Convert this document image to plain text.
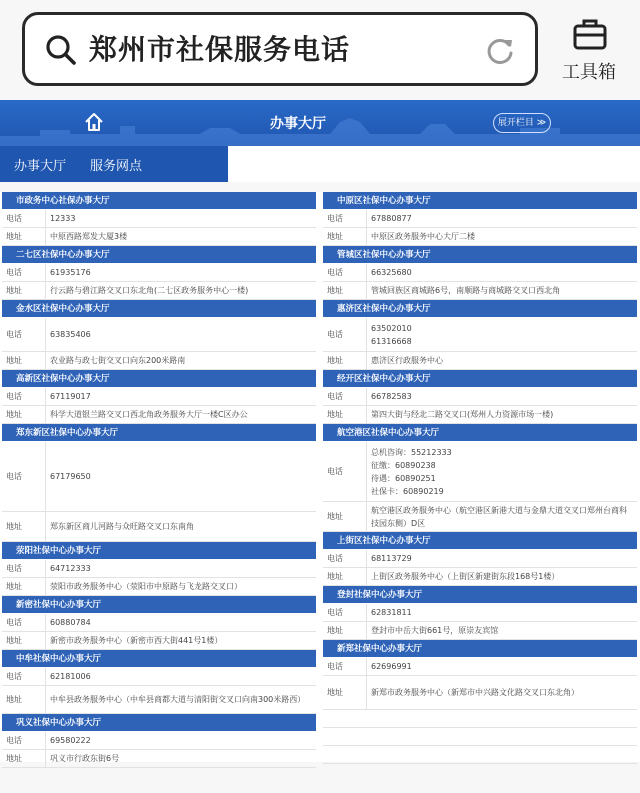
郑州市社保服务电话
工具箱
办事大厅	展开栏目 ≫
办事大厅 服务网点
市政务中心社保办事大厅
电话	12333
地址	中原西路郑发大厦3楼
二七区社保中心办事大厅
电话	61935176
地址	行云路与碧江路交叉口东北角(二七区政务服务中心一楼)
金水区社保中心办事大厅
电话	63835406
地址	农业路与政七街交叉口向东200米路南
高新区社保中心办事大厅
电话	67119017
地址	科学大道银兰路交叉口西北角政务服务大厅一楼C区办公
郑东新区社保中心办事大厅
电话	67179650
地址	郑东新区商儿河路与众旺路交叉口东南角
荥阳社保中心办事大厅
电话	64712333
地址	荥阳市政务服务中心（荥阳市中原路与飞龙路交叉口）
新密社保中心办事大厅
电话	60880784
地址	新密市政务服务中心（新密市西大街441号1楼）
中牟社保中心办事大厅
电话	62181006
地址	中牟县政务服务中心（中牟县商都大道与清阳街交叉口向南300米路西）
巩义社保中心办事大厅
电话	69580222
地址	巩义市行政东街6号
中原区社保中心办事大厅
电话	67880877
地址	中原区政务服务中心大厅二楼
管城区社保中心办事大厅
电话	66325680
地址	管城回族区商城路6号，南顺路与商城路交叉口西北角
惠济区社保中心办事大厅
电话
63502010
61316668
地址	惠济区行政服务中心
经开区社保中心办事大厅
电话	66782583
地址	第四大街与经北二路交叉口(郑州人力资源市场一楼)
航空港区社保中心办事大厅
电话
总机咨询：55212333
征缴：60890238
待遇：60890251
社保卡：60890219
地址
航空港区政务服务中心（航空港区新港大道与金鼎大道交叉口郑州台商科技园东侧）D区
上街区社保中心办事大厅
电话	68113729
地址	上街区政务服务中心（上街区新建街东段168号1楼）
登封社保中心办事大厅
电话	62831811
地址	登封市中岳大街661号，原崇友宾馆
新郑社保中心办事大厅
电话	62696991
地址	新郑市政务服务中心（新郑市中兴路文化路交叉口东北角）
